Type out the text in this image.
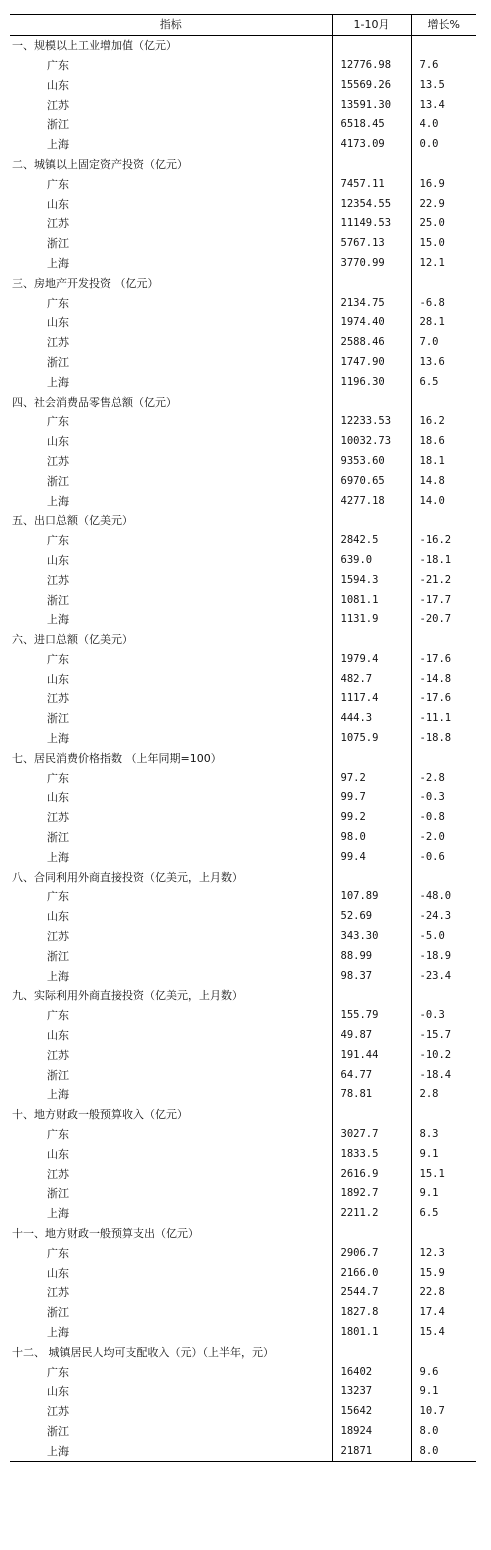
指标	1-10月	增长%
一、规模以上工业增加值（亿元）		
广东	12776.98	7.6
山东	15569.26	13.5
江苏	13591.30	13.4
浙江	6518.45	4.0
上海	4173.09	0.0
二、城镇以上固定资产投资（亿元）		
广东	7457.11	16.9
山东	12354.55	22.9
江苏	11149.53	25.0
浙江	5767.13	15.0
上海	3770.99	12.1
三、房地产开发投资 （亿元）		
广东	2134.75	-6.8
山东	1974.40	28.1
江苏	2588.46	7.0
浙江	1747.90	13.6
上海	1196.30	6.5
四、社会消费品零售总额（亿元）		
广东	12233.53	16.2
山东	10032.73	18.6
江苏	9353.60	18.1
浙江	6970.65	14.8
上海	4277.18	14.0
五、出口总额（亿美元）		
广东	2842.5	-16.2
山东	639.0	-18.1
江苏	1594.3	-21.2
浙江	1081.1	-17.7
上海	1131.9	-20.7
六、进口总额（亿美元）		
广东	1979.4	-17.6
山东	482.7	-14.8
江苏	1117.4	-17.6
浙江	444.3	-11.1
上海	1075.9	-18.8
七、居民消费价格指数 （上年同期=100）		
广东	97.2	-2.8
山东	99.7	-0.3
江苏	99.2	-0.8
浙江	98.0	-2.0
上海	99.4	-0.6
八、合同利用外商直接投资（亿美元，上月数）		
广东	107.89	-48.0
山东	52.69	-24.3
江苏	343.30	-5.0
浙江	88.99	-18.9
上海	98.37	-23.4
九、实际利用外商直接投资（亿美元，上月数）		
广东	155.79	-0.3
山东	49.87	-15.7
江苏	191.44	-10.2
浙江	64.77	-18.4
上海	78.81	2.8
十、地方财政一般预算收入（亿元）		
广东	3027.7	8.3
山东	1833.5	9.1
江苏	2616.9	15.1
浙江	1892.7	9.1
上海	2211.2	6.5
十一、地方财政一般预算支出（亿元）		
广东	2906.7	12.3
山东	2166.0	15.9
江苏	2544.7	22.8
浙江	1827.8	17.4
上海	1801.1	15.4
十二、 城镇居民人均可支配收入（元）（上半年，元）		
广东	16402	9.6
山东	13237	9.1
江苏	15642	10.7
浙江	18924	8.0
上海	21871	8.0
